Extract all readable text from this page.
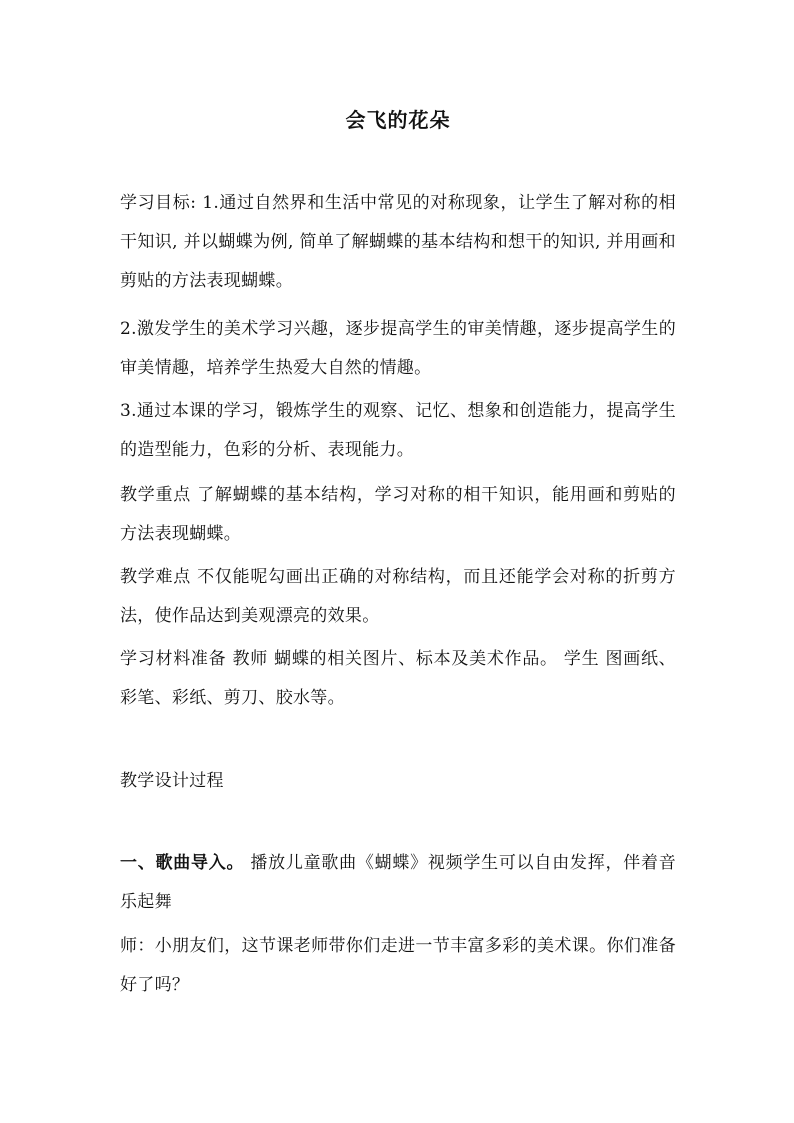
会飞的花朵
学习目标: 1.通过自然界和生活中常见的对称现象，让学生了解对称的相干知识, 并以蝴蝶为例, 简单了解蝴蝶的基本结构和想干的知识, 并用画和剪贴的方法表现蝴蝶。
2.激发学生的美术学习兴趣，逐步提高学生的审美情趣，逐步提高学生的审美情趣，培养学生热爱大自然的情趣。
3.通过本课的学习，锻炼学生的观察、记忆、想象和创造能力，提高学生的造型能力，色彩的分析、表现能力。
教学重点 了解蝴蝶的基本结构，学习对称的相干知识，能用画和剪贴的方法表现蝴蝶。
教学难点 不仅能呢勾画出正确的对称结构，而且还能学会对称的折剪方法，使作品达到美观漂亮的效果。
学习材料准备 教师 蝴蝶的相关图片、标本及美术作品。 学生 图画纸、彩笔、彩纸、剪刀、胶水等。
教学设计过程
一、歌曲导入。 播放儿童歌曲《蝴蝶》视频学生可以自由发挥，伴着音乐起舞
师：小朋友们，这节课老师带你们走进一节丰富多彩的美术课。你们准备好了吗？
